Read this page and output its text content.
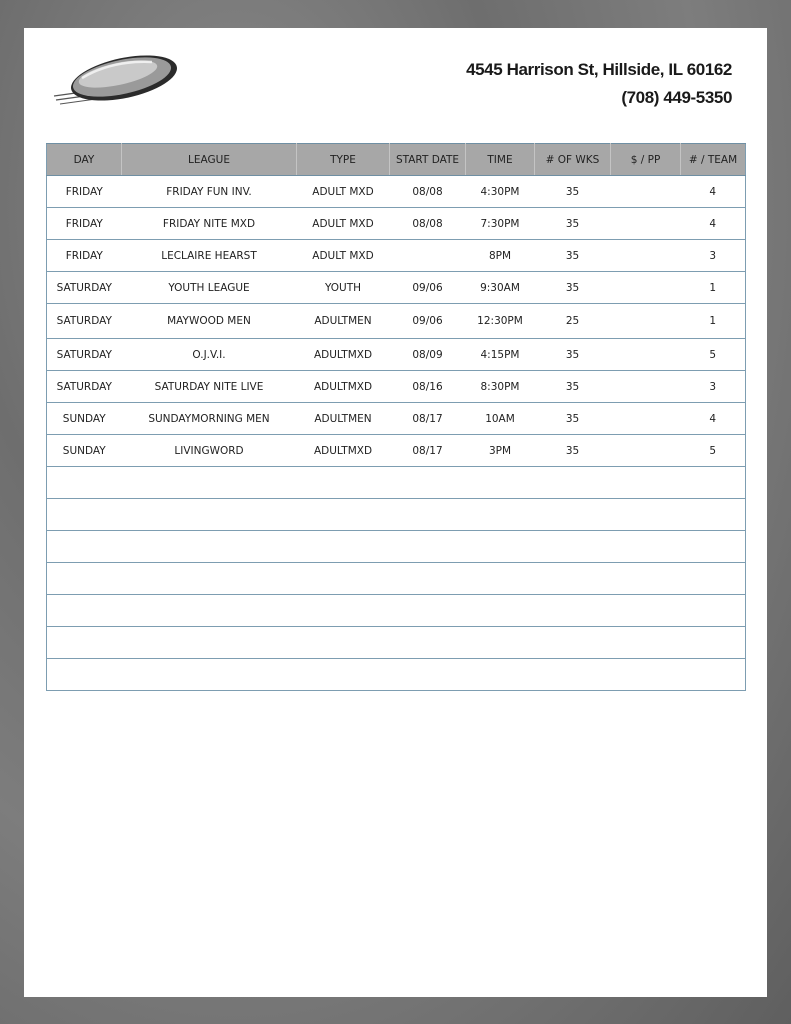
4545 Harrison St, Hillside, IL 60162
(708) 449-5350
DAY	LEAGUE	TYPE	START DATE	TIME	# OF WKS	$ / PP	# / TEAM
FRIDAY	FRIDAY FUN INV.	ADULT MXD	08/08	4:30PM	35		4
FRIDAY	FRIDAY NITE MXD	ADULT MXD	08/08	7:30PM	35		4
FRIDAY	LECLAIRE HEARST	ADULT MXD		8PM	35		3
SATURDAY	YOUTH LEAGUE	YOUTH	09/06	9:30AM	35		1
SATURDAY	MAYWOOD MEN	ADULTMEN	09/06	12:30PM	25		1
SATURDAY	O.J.V.I.	ADULTMXD	08/09	4:15PM	35		5
SATURDAY	SATURDAY NITE LIVE	ADULTMXD	08/16	8:30PM	35		3
SUNDAY	SUNDAYMORNING MEN	ADULTMEN	08/17	10AM	35		4
SUNDAY	LIVINGWORD	ADULTMXD	08/17	3PM	35		5
